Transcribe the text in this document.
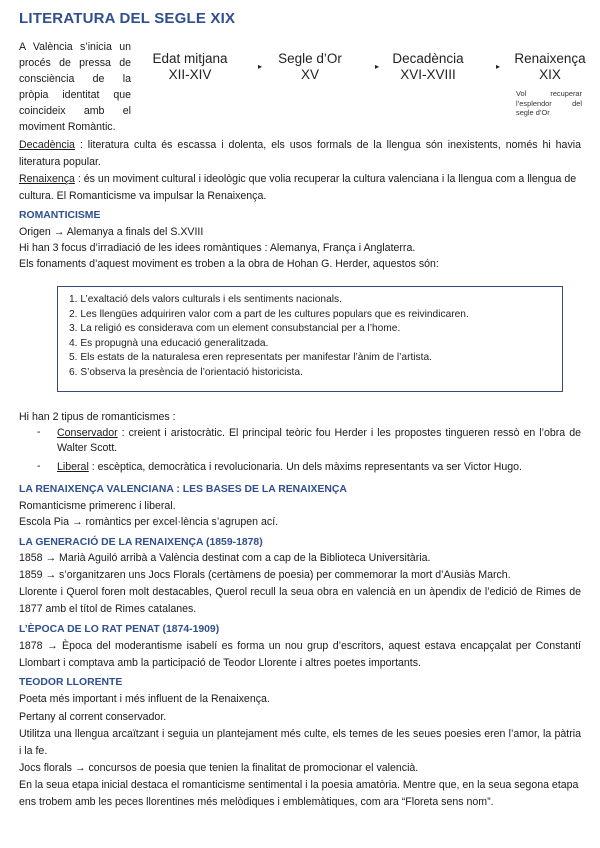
LITERATURA DEL SEGLE XIX
A València s’inicia un procés de pressa de consciència de la pròpia identitat que coincideix amb el moviment Romàntic.
Edat mitjana
XII-XIV
▸
Segle d’Or
XV
▸
Decadència
XVI-XVIII
▸
Renaixença
XIX
Vol recuperar l’esplendor del segle d’Or
Decadència : literatura culta és escassa i dolenta, els usos formals de la llengua són inexistents, només hi havia literatura popular.
Renaixença : és un moviment cultural i ideològic que volia recuperar la cultura valenciana i la llengua com a llengua de cultura. El Romanticisme va impulsar la Renaixença.
ROMANTICISME
Origen → Alemanya a finals del S.XVIII
Hi han 3 focus d’irradiació de les idees romàntiques : Alemanya, França i Anglaterra.
Els fonaments d’aquest moviment es troben a la obra de Hohan G. Herder, aquestos són:
1. L’exaltació dels valors culturals i els sentiments nacionals.
2. Les llengües adquiriren valor com a part de les cultures populars que es reivindicaren.
3. La religió es considerava com un element consubstancial per a l’home.
4. Es propugnà una educació generalitzada.
5. Els estats de la naturalesa eren representats per manifestar l’ànim de l’artista.
6. S’observa la presència de l’orientació historicista.
Hi han 2 tipus de romanticismes :
- Conservador : creient i aristocràtic. El principal teòric fou Herder i les propostes tingueren ressò en l’obra de Walter Scott.
- Liberal : escèptica, democràtica i revolucionaria. Un dels màxims representants va ser Victor Hugo.
LA RENAIXENÇA VALENCIANA : LES BASES DE LA RENAIXENÇA
Romanticisme primerenc i liberal.
Escola Pia → romàntics per excel·lència s’agrupen ací.
LA GENERACIÓ DE LA RENAIXENÇA (1859-1878)
1858 → Marià Aguiló arribà a València destinat com a cap de la Biblioteca Universitària.
1859 → s’organitzaren uns Jocs Florals (certàmens de poesia) per commemorar la mort d’Ausiàs March.
Llorente i Querol foren molt destacables, Querol recull la seua obra en valencià en un àpendix de l’edició de Rimes de 1877 amb el títol de Rimes catalanes.
L’ÈPOCA DE LO RAT PENAT (1874-1909)
1878 → Època del moderantisme isabelí es forma un nou grup d’escritors, aquest estava encapçalat per Constantí Llombart i comptava amb la participació de Teodor Llorente i altres poetes importants.
TEODOR LLORENTE
Poeta més important i més influent de la Renaixença.
Pertany al corrent conservador.
Utilitza una llengua arcaïtzant i seguia un plantejament més culte, els temes de les seues poesies eren l’amor, la pàtria i la fe.
Jocs florals → concursos de poesia que tenien la finalitat de promocionar el valencià.
En la seua etapa inicial destaca el romanticisme sentimental i la poesia amatòria. Mentre que, en la seua segona etapa ens trobem amb les peces llorentines més melòdiques i emblemàtiques, com ara “Floreta sens nom”.
